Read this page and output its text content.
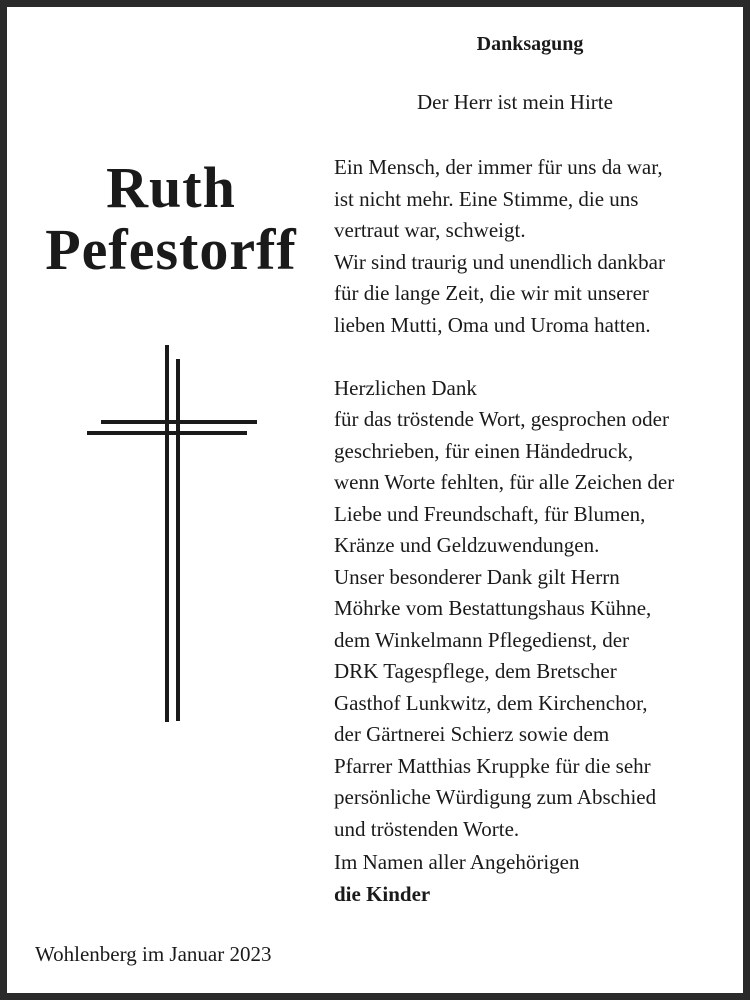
Danksagung
Der Herr ist mein Hirte
Ruth
Pefestorff
Ein Mensch, der immer für uns da war,
ist nicht mehr. Eine Stimme, die uns
vertraut war, schweigt.
Wir sind traurig und unendlich dankbar
für die lange Zeit, die wir mit unserer
lieben Mutti, Oma und Uroma hatten.
Herzlichen Dank
für das tröstende Wort, gesprochen oder
geschrieben, für einen Händedruck,
wenn Worte fehlten, für alle Zeichen der
Liebe und Freundschaft, für Blumen,
Kränze und Geldzuwendungen.
Unser besonderer Dank gilt Herrn
Möhrke vom Bestattungshaus Kühne,
dem Winkelmann Pflegedienst, der
DRK Tagespflege, dem Bretscher
Gasthof Lunkwitz, dem Kirchenchor,
der Gärtnerei Schierz sowie dem
Pfarrer Matthias Kruppke für die sehr
persönliche Würdigung zum Abschied
und tröstenden Worte.
Im Namen aller Angehörigen
die Kinder
Wohlenberg im Januar 2023
